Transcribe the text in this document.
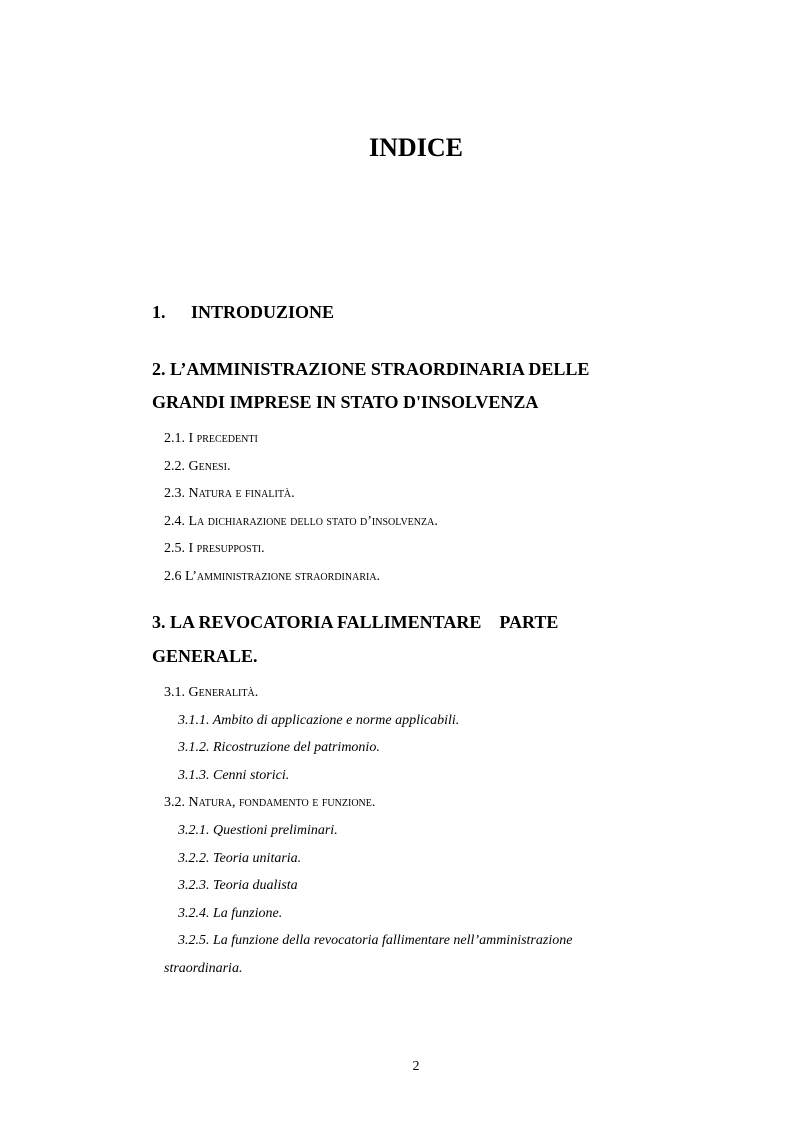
INDICE
1. INTRODUZIONE
2. L’AMMINISTRAZIONE STRAORDINARIA DELLE
GRANDI IMPRESE IN STATO D'INSOLVENZA
2.1. I precedenti
2.2. Genesi.
2.3. Natura e finalità.
2.4. La dichiarazione dello stato d’insolvenza.
2.5. I presupposti.
2.6 L’amministrazione straordinaria.
3. LA REVOCATORIA FALLIMENTARE    PARTE
GENERALE.
3.1. Generalità.
3.1.1. Ambito di applicazione e norme applicabili.
3.1.2. Ricostruzione del patrimonio.
3.1.3. Cenni storici.
3.2. Natura, fondamento e funzione.
3.2.1. Questioni preliminari.
3.2.2. Teoria unitaria.
3.2.3. Teoria dualista
3.2.4. La funzione.
3.2.5. La funzione della revocatoria fallimentare nell’amministrazione
straordinaria.
2
